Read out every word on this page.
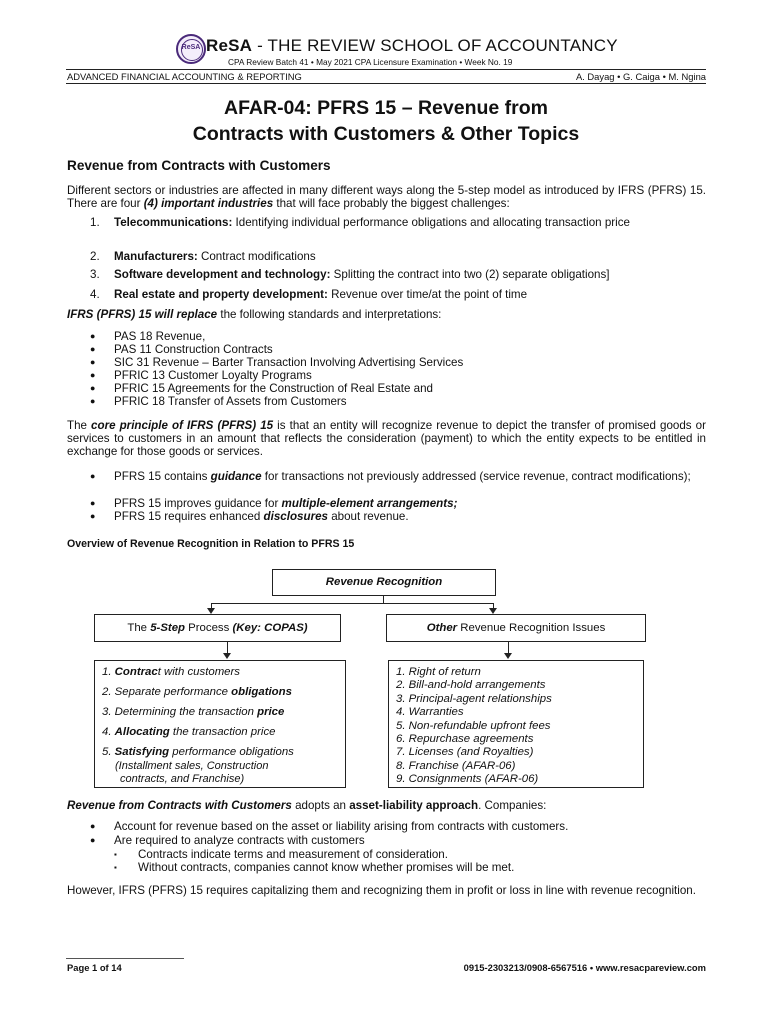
ReSA ReSA - THE REVIEW SCHOOL OF ACCOUNTANCY
CPA Review Batch 41 • May 2021 CPA Licensure Examination • Week No. 19
ADVANCED FINANCIAL ACCOUNTING & REPORTING	A. Dayag • G. Caiga • M. Ngina
AFAR-04: PFRS 15 – Revenue from
Contracts with Customers & Other Topics
Revenue from Contracts with Customers
Different sectors or industries are affected in many different ways along the 5-step model as introduced by IFRS (PFRS) 15. There are four (4) important industries that will face probably the biggest challenges:
1.	Telecommunications: Identifying individual performance obligations and allocating transaction price
2.	Manufacturers: Contract modifications
3.	Software development and technology: Splitting the contract into two (2) separate obligations]
4.	Real estate and property development: Revenue over time/at the point of time
IFRS (PFRS) 15 will replace the following standards and interpretations:
● PAS 18 Revenue,
● PAS 11 Construction Contracts
● SIC 31 Revenue – Barter Transaction Involving Advertising Services
● PFRIC 13 Customer Loyalty Programs
● PFRIC 15 Agreements for the Construction of Real Estate and
● PFRIC 18 Transfer of Assets from Customers
The core principle of IFRS (PFRS) 15 is that an entity will recognize revenue to depict the transfer of promised goods or services to customers in an amount that reflects the consideration (payment) to which the entity expects to be entitled in exchange for those goods or services.
● PFRS 15 contains guidance for transactions not previously addressed (service revenue, contract modifications);
● PFRS 15 improves guidance for multiple-element arrangements;
● PFRS 15 requires enhanced disclosures about revenue.
Overview of Revenue Recognition in Relation to PFRS 15
Revenue Recognition
The 5-Step Process (Key: COPAS)	Other Revenue Recognition Issues
1. Contract with customers
2. Separate performance obligations
3. Determining the transaction price
4. Allocating the transaction price
5. Satisfying performance obligations
(Installment sales, Construction
contracts, and Franchise)
1. Right of return
2. Bill-and-hold arrangements
3. Principal-agent relationships
4. Warranties
5. Non-refundable upfront fees
6. Repurchase agreements
7. Licenses (and Royalties)
8. Franchise (AFAR-06)
9. Consignments (AFAR-06)
Revenue from Contracts with Customers adopts an asset-liability approach. Companies:
● Account for revenue based on the asset or liability arising from contracts with customers.
● Are required to analyze contracts with customers
▪ Contracts indicate terms and measurement of consideration.
▪ Without contracts, companies cannot know whether promises will be met.
However, IFRS (PFRS) 15 requires capitalizing them and recognizing them in profit or loss in line with revenue recognition.
Page 1 of 14	0915-2303213/0908-6567516 • www.resacpareview.com
